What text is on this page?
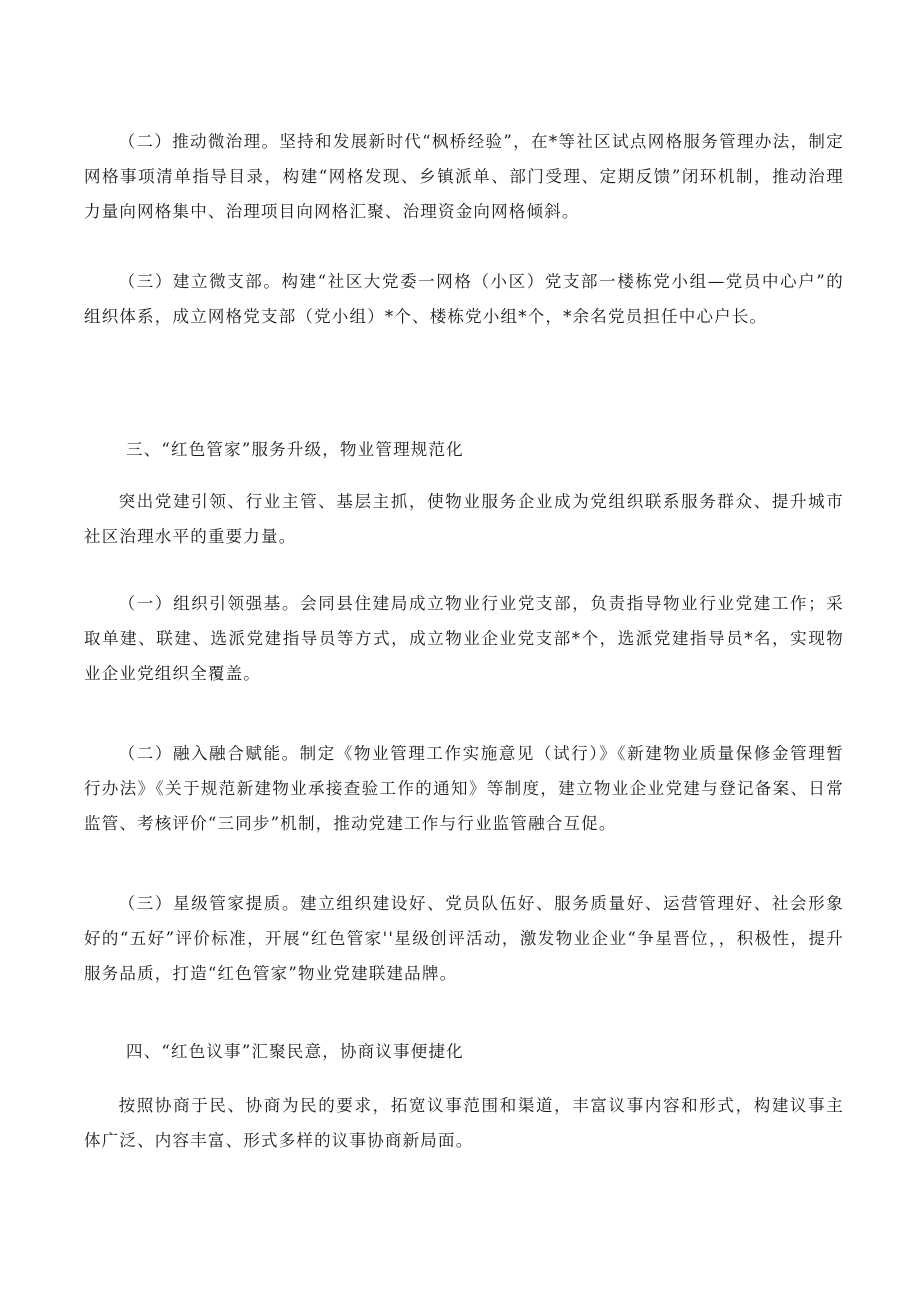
（二）推动微治理。坚持和发展新时代“枫桥经验”，在*等社区试点网格服务管理办法，制定网格事项清单指导目录，构建“网格发现、乡镇派单、部门受理、定期反馈”闭环机制，推动治理力量向网格集中、治理项目向网格汇聚、治理资金向网格倾斜。

（三）建立微支部。构建“社区大党委一网格（小区）党支部一楼栋党小组—党员中心户”的组织体系，成立网格党支部（党小组）*个、楼栋党小组*个，*余名党员担任中心户长。

三、“红色管家”服务升级，物业管理规范化

突出党建引领、行业主管、基层主抓，使物业服务企业成为党组织联系服务群众、提升城市社区治理水平的重要力量。

（一）组织引领强基。会同县住建局成立物业行业党支部，负责指导物业行业党建工作；采取单建、联建、选派党建指导员等方式，成立物业企业党支部*个，选派党建指导员*名，实现物业企业党组织全覆盖。

（二）融入融合赋能。制定《物业管理工作实施意见（试行）》《新建物业质量保修金管理暂行办法》《关于规范新建物业承接查验工作的通知》等制度，建立物业企业党建与登记备案、日常监管、考核评价“三同步”机制，推动党建工作与行业监管融合互促。

（三）星级管家提质。建立组织建设好、党员队伍好、服务质量好、运营管理好、社会形象好的“五好”评价标准，开展“红色管家''星级创评活动，激发物业企业“争星晋位，，积极性，提升服务品质，打造“红色管家”物业党建联建品牌。

四、“红色议事”汇聚民意，协商议事便捷化

按照协商于民、协商为民的要求，拓宽议事范围和渠道，丰富议事内容和形式，构建议事主体广泛、内容丰富、形式多样的议事协商新局面。
